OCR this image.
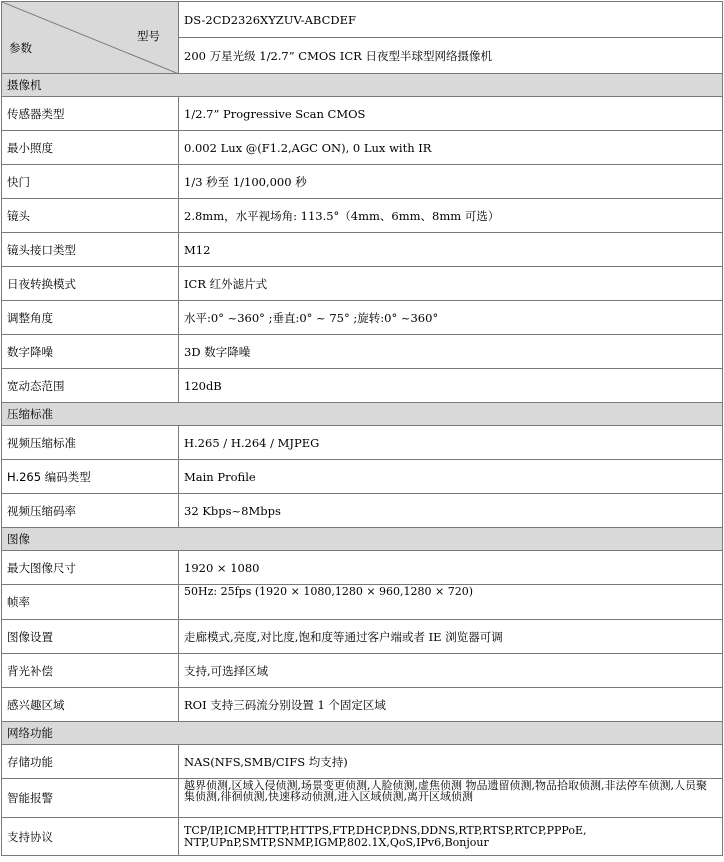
型号
参数	DS-2CD2326XYZUV-ABCDEF
	200 万星光级 1/2.7” CMOS ICR 日夜型半球型网络摄像机
摄像机	
传感器类型	1/2.7” Progressive Scan CMOS
最小照度	0.002 Lux @(F1.2,AGC ON), 0 Lux with IR
快门	1/3 秒至 1/100,000 秒
镜头	2.8mm，水平视场角: 113.5°（4mm、6mm、8mm 可选）
镜头接口类型	M12
日夜转换模式	ICR 红外滤片式
调整角度	水平:0° ~360° ;垂直:0° ~ 75° ;旋转:0° ~360°
数字降噪	3D 数字降噪
宽动态范围	120dB
压缩标准	
视频压缩标准	H.265 / H.264 / MJPEG
H.265 编码类型	Main Profile
视频压缩码率	32 Kbps~8Mbps
图像	
最大图像尺寸	1920 × 1080
帧率	50Hz: 25fps (1920 × 1080,1280 × 960,1280 × 720)
图像设置	走廊模式,亮度,对比度,饱和度等通过客户端或者 IE 浏览器可调
背光补偿	支持,可选择区域
感兴趣区域	ROI 支持三码流分别设置 1 个固定区域
网络功能	
存储功能	NAS(NFS,SMB/CIFS 均支持)
智能报警	越界侦测,区域入侵侦测,场景变更侦测,人脸侦测,虚焦侦测 物品遗留侦测,物品拾取侦测,非法停车侦测,人员聚集侦测,徘徊侦测,快速移动侦测,进入区域侦测,离开区域侦测
支持协议	TCP/IP,ICMP,HTTP,HTTPS,FTP,DHCP,DNS,DDNS,RTP,RTSP,RTCP,PPPoE, NTP,UPnP,SMTP,SNMP,IGMP,802.1X,QoS,IPv6,Bonjour
